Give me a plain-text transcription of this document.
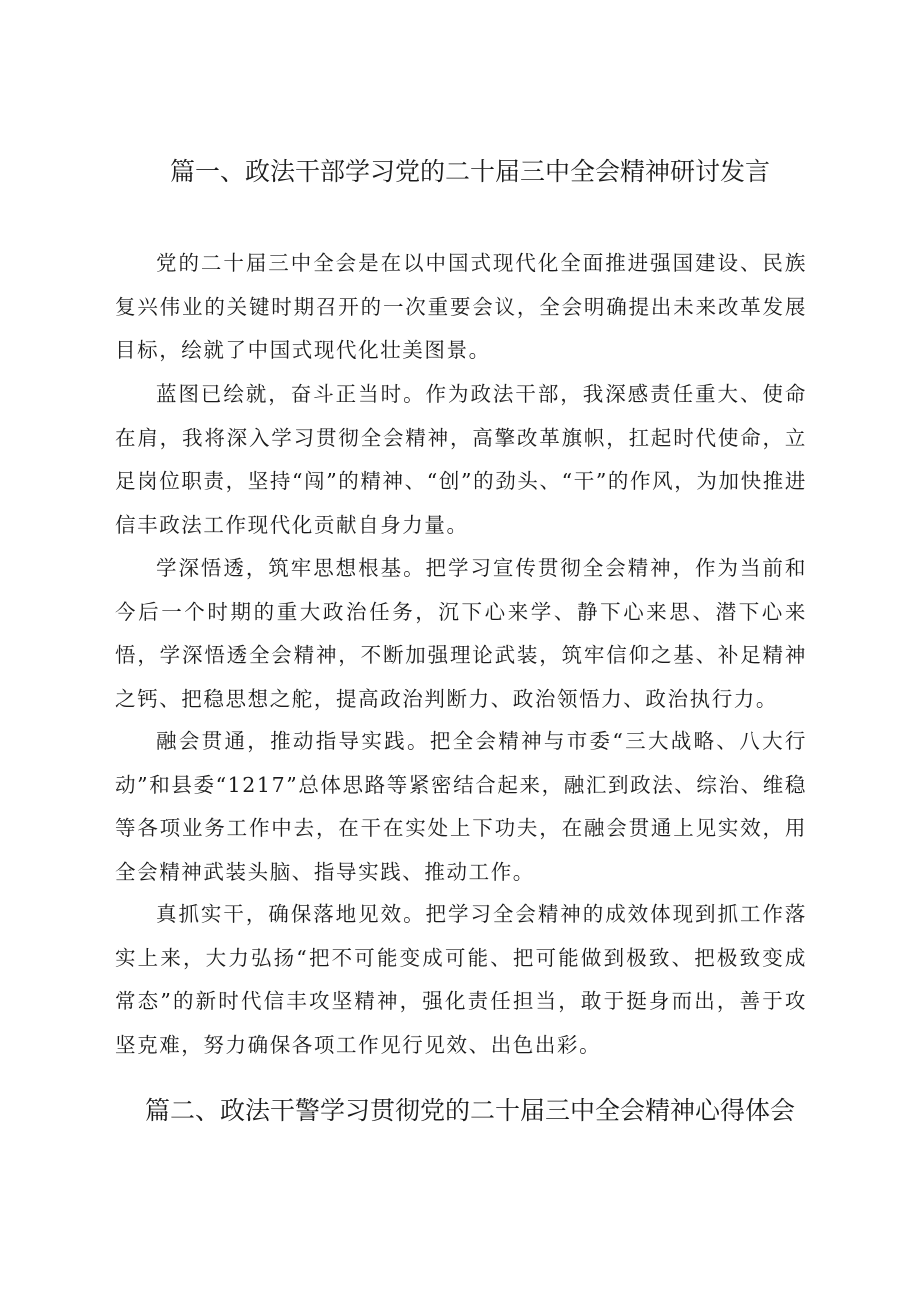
篇一、政法干部学习党的二十届三中全会精神研讨发言

党的二十届三中全会是在以中国式现代化全面推进强国建设、民族复兴伟业的关键时期召开的一次重要会议，全会明确提出未来改革发展目标，绘就了中国式现代化壮美图景。

蓝图已绘就，奋斗正当时。作为政法干部，我深感责任重大、使命在肩，我将深入学习贯彻全会精神，高擎改革旗帜，扛起时代使命，立足岗位职责，坚持“闯”的精神、“创”的劲头、“干”的作风，为加快推进信丰政法工作现代化贡献自身力量。

学深悟透，筑牢思想根基。把学习宣传贯彻全会精神，作为当前和今后一个时期的重大政治任务，沉下心来学、静下心来思、潜下心来悟，学深悟透全会精神，不断加强理论武装，筑牢信仰之基、补足精神之钙、把稳思想之舵，提高政治判断力、政治领悟力、政治执行力。

融会贯通，推动指导实践。把全会精神与市委“三大战略、八大行动”和县委“1217”总体思路等紧密结合起来，融汇到政法、综治、维稳等各项业务工作中去，在干在实处上下功夫，在融会贯通上见实效，用全会精神武装头脑、指导实践、推动工作。

真抓实干，确保落地见效。把学习全会精神的成效体现到抓工作落实上来，大力弘扬“把不可能变成可能、把可能做到极致、把极致变成常态”的新时代信丰攻坚精神，强化责任担当，敢于挺身而出，善于攻坚克难，努力确保各项工作见行见效、出色出彩。

篇二、政法干警学习贯彻党的二十届三中全会精神心得体会
